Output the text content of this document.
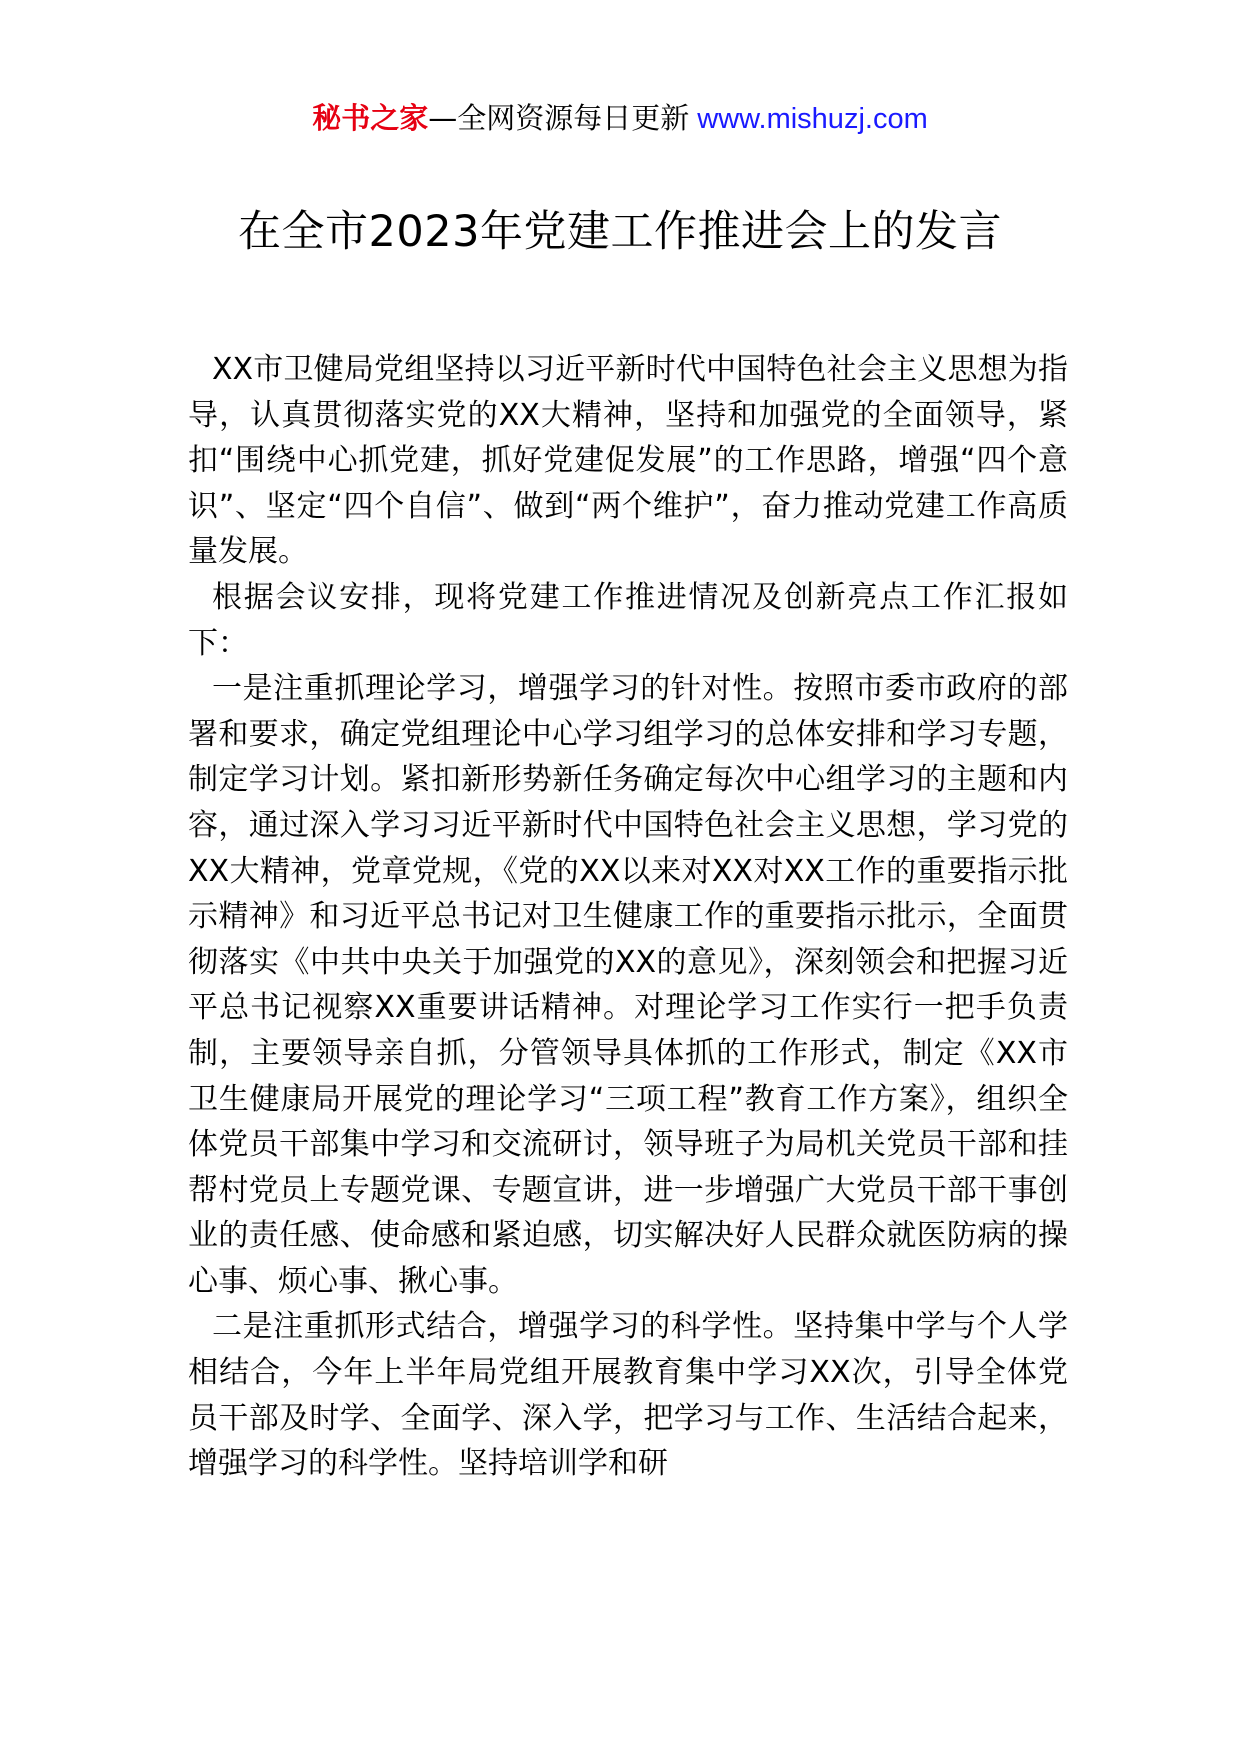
秘书之家—全网资源每日更新 www.mishuzj.com
在全市2023年党建工作推进会上的发言

XX市卫健局党组坚持以习近平新时代中国特色社会主义思想为指导，认真贯彻落实党的XX大精神，坚持和加强党的全面领导，紧扣“围绕中心抓党建，抓好党建促发展”的工作思路，增强“四个意识”、坚定“四个自信”、做到“两个维护”，奋力推动党建工作高质量发展。

根据会议安排，现将党建工作推进情况及创新亮点工作汇报如下：

一是注重抓理论学习，增强学习的针对性。按照市委市政府的部署和要求，确定党组理论中心学习组学习的总体安排和学习专题，制定学习计划。紧扣新形势新任务确定每次中心组学习的主题和内容，通过深入学习习近平新时代中国特色社会主义思想，学习党的XX大精神，党章党规，《党的XX以来对XX对XX工作的重要指示批示精神》和习近平总书记对卫生健康工作的重要指示批示，全面贯彻落实《中共中央关于加强党的XX的意见》，深刻领会和把握习近平总书记视察XX重要讲话精神。对理论学习工作实行一把手负责制，主要领导亲自抓，分管领导具体抓的工作形式，制定《XX市卫生健康局开展党的理论学习“三项工程”教育工作方案》，组织全体党员干部集中学习和交流研讨，领导班子为局机关党员干部和挂帮村党员上专题党课、专题宣讲，进一步增强广大党员干部干事创业的责任感、使命感和紧迫感，切实解决好人民群众就医防病的操心事、烦心事、揪心事。

二是注重抓形式结合，增强学习的科学性。坚持集中学与个人学相结合，今年上半年局党组开展教育集中学习XX次，引导全体党员干部及时学、全面学、深入学，把学习与工作、生活结合起来，增强学习的科学性。坚持培训学和研
